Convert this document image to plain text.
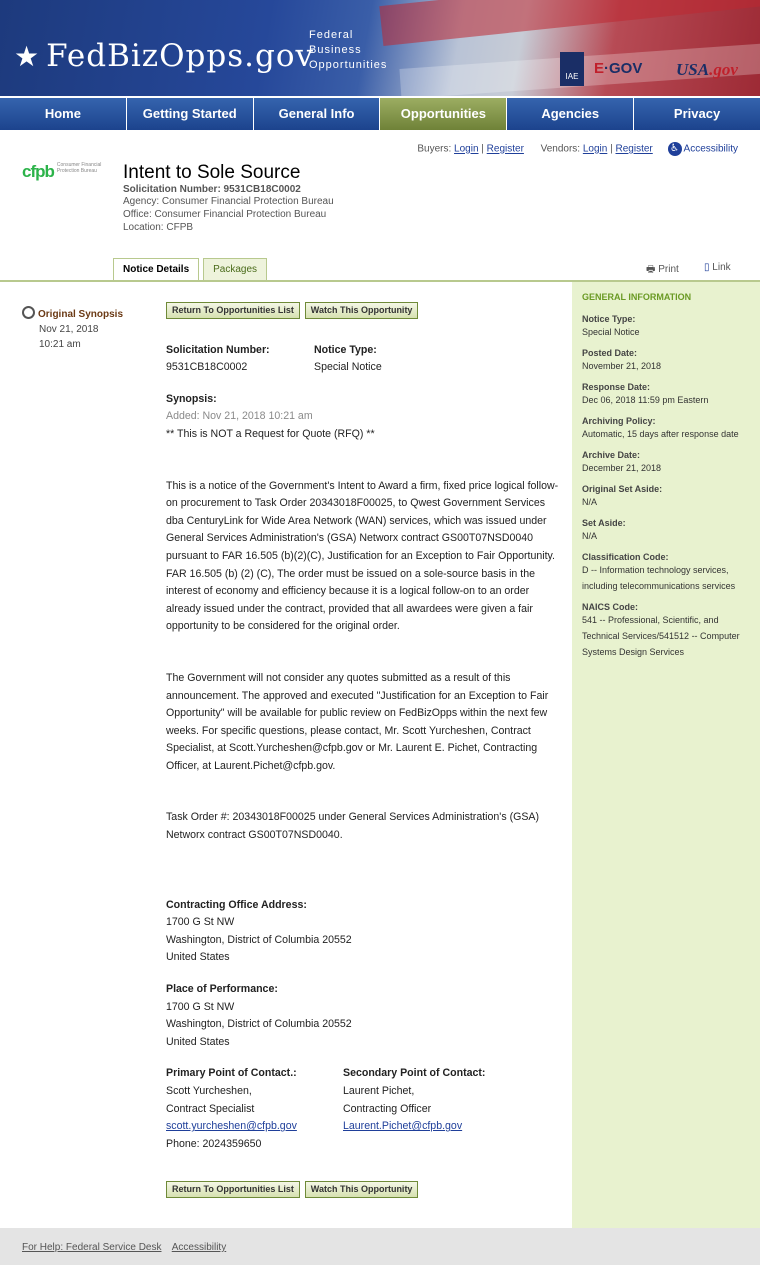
★ FedBizOpps.gov
Federal
Business
Opportunities
IAE	E·GOV USA.gov
Home	Getting Started	General Info	Opportunities	Agencies	Privacy
Buyers: Login | Register Vendors: Login | Register ♿ Accessibility
cfpb Consumer Financial Protection Bureau	Intent to Sole Source
Solicitation Number: 9531CB18C0002
Agency: Consumer Financial Protection Bureau
Office: Consumer Financial Protection Bureau
Location: CFPB
Notice Details	Packages	🖶 Print	▯ Link
Original Synopsis
Nov 21, 2018
10:21 am
Return To Opportunities List Watch This Opportunity
Solicitation Number:
9531CB18C0002
Notice Type:
Special Notice
Synopsis:
Added: Nov 21, 2018 10:21 am
** This is NOT a Request for Quote (RFQ) **
This is a notice of the Government's Intent to Award a firm, fixed price logical follow-on procurement to Task Order 20343018F00025, to Qwest Government Services dba CenturyLink for Wide Area Network (WAN) services, which was issued under General Services Administration's (GSA) Networx contract GS00T07NSD0040 pursuant to FAR 16.505 (b)(2)(C), Justification for an Exception to Fair Opportunity.
FAR 16.505 (b) (2) (C), The order must be issued on a sole-source basis in the interest of economy and efficiency because it is a logical follow-on to an order already issued under the contract, provided that all awardees were given a fair opportunity to be considered for the original order.
The Government will not consider any quotes submitted as a result of this announcement. The approved and executed "Justification for an Exception to Fair Opportunity" will be available for public review on FedBizOpps within the next few weeks. For specific questions, please contact, Mr. Scott Yurcheshen, Contract Specialist, at Scott.Yurcheshen@cfpb.gov or Mr. Laurent E. Pichet, Contracting Officer, at Laurent.Pichet@cfpb.gov.
Task Order #: 20343018F00025 under General Services Administration's (GSA) Networx contract GS00T07NSD0040.
Contracting Office Address:
1700 G St NW
Washington, District of Columbia 20552
United States
Place of Performance:
1700 G St NW
Washington, District of Columbia 20552
United States
Primary Point of Contact.:
Scott Yurcheshen,
Contract Specialist
scott.yurcheshen@cfpb.gov
Phone: 2024359650
Secondary Point of Contact:
Laurent Pichet,
Contracting Officer
Laurent.Pichet@cfpb.gov
Return To Opportunities List Watch This Opportunity
GENERAL INFORMATION
Notice Type:
Special Notice
Posted Date:
November 21, 2018
Response Date:
Dec 06, 2018 11:59 pm Eastern
Archiving Policy:
Automatic, 15 days after response date
Archive Date:
December 21, 2018
Original Set Aside:
N/A
Set Aside:
N/A
Classification Code:
D -- Information technology services, including telecommunications services
NAICS Code:
541 -- Professional, Scientific, and Technical Services/541512 -- Computer Systems Design Services
For Help: Federal Service Desk Accessibility
